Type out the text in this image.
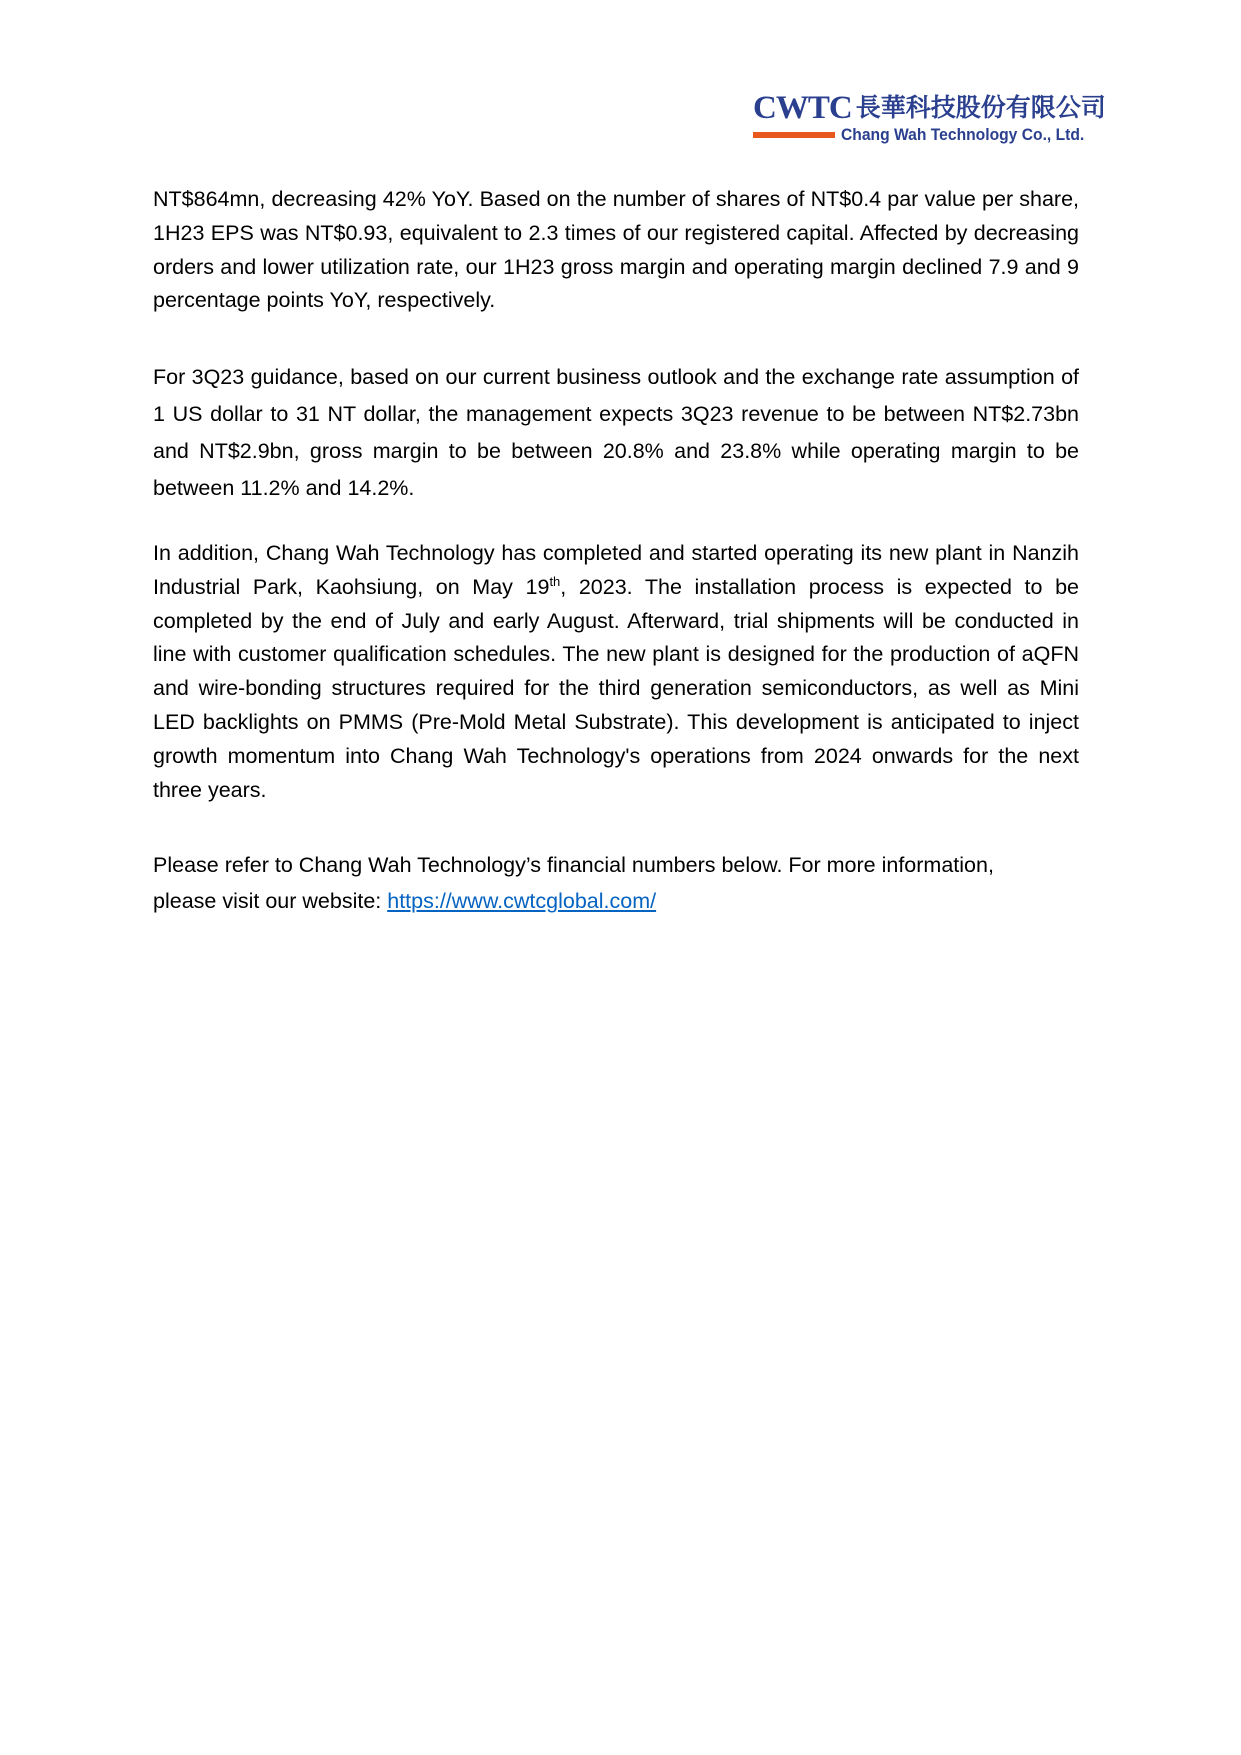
CWTC 長華科技股份有限公司
Chang Wah Technology Co., Ltd.

NT$864mn, decreasing 42% YoY. Based on the number of shares of NT$0.4 par value per share, 1H23 EPS was NT$0.93, equivalent to 2.3 times of our registered capital. Affected by decreasing orders and lower utilization rate, our 1H23 gross margin and operating margin declined 7.9 and 9 percentage points YoY, respectively.

For 3Q23 guidance, based on our current business outlook and the exchange rate assumption of 1 US dollar to 31 NT dollar, the management expects 3Q23 revenue to be between NT$2.73bn and NT$2.9bn, gross margin to be between 20.8% and 23.8% while operating margin to be between 11.2% and 14.2%.

In addition, Chang Wah Technology has completed and started operating its new plant in Nanzih Industrial Park, Kaohsiung, on May 19th, 2023. The installation process is expected to be completed by the end of July and early August. Afterward, trial shipments will be conducted in line with customer qualification schedules. The new plant is designed for the production of aQFN and wire-bonding structures required for the third generation semiconductors, as well as Mini LED backlights on PMMS (Pre-Mold Metal Substrate). This development is anticipated to inject growth momentum into Chang Wah Technology's operations from 2024 onwards for the next three years.

Please refer to Chang Wah Technology’s financial numbers below. For more information,
please visit our website: https://www.cwtcglobal.com/
